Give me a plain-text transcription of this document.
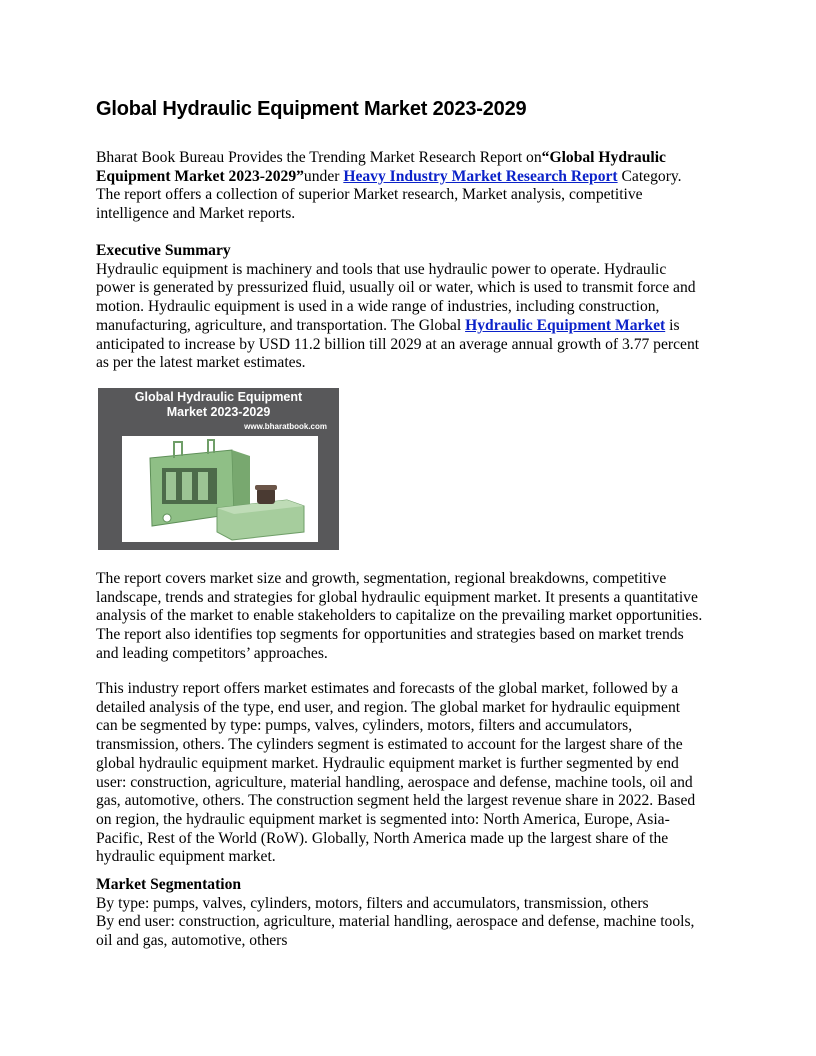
Global Hydraulic Equipment Market 2023-2029
Bharat Book Bureau Provides the Trending Market Research Report on“Global Hydraulic
Equipment Market 2023-2029”under Heavy Industry Market Research Report Category.
The report offers a collection of superior Market research, Market analysis, competitive
intelligence and Market reports.
Executive Summary
Hydraulic equipment is machinery and tools that use hydraulic power to operate. Hydraulic
power is generated by pressurized fluid, usually oil or water, which is used to transmit force and
motion. Hydraulic equipment is used in a wide range of industries, including construction,
manufacturing, agriculture, and transportation. The Global Hydraulic Equipment Market is
anticipated to increase by USD 11.2 billion till 2029 at an average annual growth of 3.77 percent
as per the latest market estimates.
Global Hydraulic Equipment
Market 2023-2029
www.bharatbook.com
The report covers market size and growth, segmentation, regional breakdowns, competitive
landscape, trends and strategies for global hydraulic equipment market. It presents a quantitative
analysis of the market to enable stakeholders to capitalize on the prevailing market opportunities.
The report also identifies top segments for opportunities and strategies based on market trends
and leading competitors’ approaches.
This industry report offers market estimates and forecasts of the global market, followed by a
detailed analysis of the type, end user, and region. The global market for hydraulic equipment
can be segmented by type: pumps, valves, cylinders, motors, filters and accumulators,
transmission, others. The cylinders segment is estimated to account for the largest share of the
global hydraulic equipment market. Hydraulic equipment market is further segmented by end
user: construction, agriculture, material handling, aerospace and defense, machine tools, oil and
gas, automotive, others. The construction segment held the largest revenue share in 2022. Based
on region, the hydraulic equipment market is segmented into: North America, Europe, Asia-
Pacific, Rest of the World (RoW). Globally, North America made up the largest share of the
hydraulic equipment market.
Market Segmentation
By type: pumps, valves, cylinders, motors, filters and accumulators, transmission, others
By end user: construction, agriculture, material handling, aerospace and defense, machine tools,
oil and gas, automotive, others
